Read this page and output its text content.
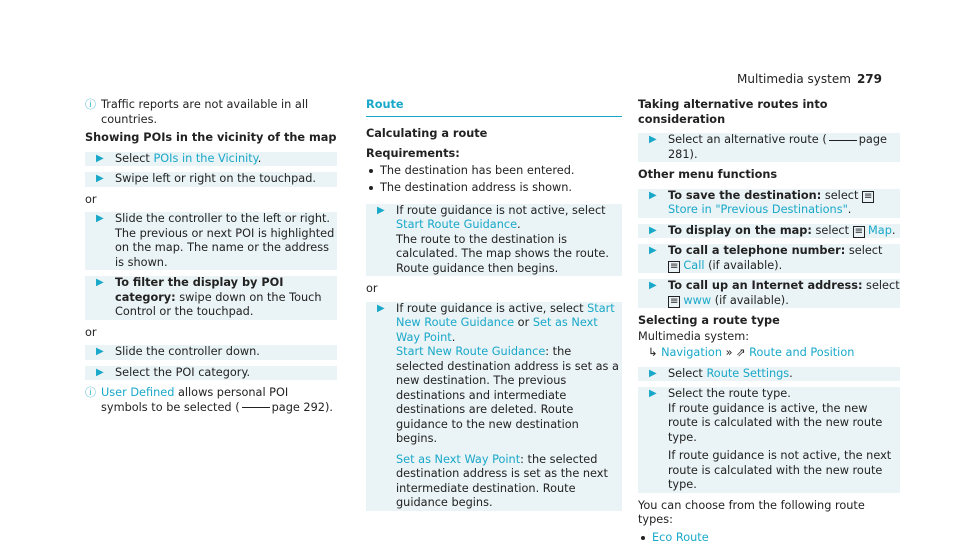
Multimedia system 279
ⓘ Traffic reports are not available in all countries.
Showing POIs in the vicinity of the map
▶ Select POIs in the Vicinity.
▶ Swipe left or right on the touchpad.
or
▶ Slide the controller to the left or right. The previous or next POI is highlighted on the map. The name or the address is shown.
▶ To filter the display by POI category: swipe down on the Touch Control or the touchpad.
or
▶ Slide the controller down.
▶ Select the POI category.
ⓘ User Defined allows personal POI symbols to be selected (	page 292).
Route
Calculating a route
Requirements:
The destination has been entered.
The destination address is shown.
▶ If route guidance is not active, select Start Route Guidance.
The route to the destination is calculated. The map shows the route. Route guidance then begins.
or
▶ If route guidance is active, select Start New Route Guidance or Set as Next Way Point.
Start New Route Guidance: the selected destination address is set as a new destination. The previous destinations and intermediate destinations are deleted. Route guidance to the new destination begins.
Set as Next Way Point: the selected destination address is set as the next intermediate destination. Route guidance begins.
Taking alternative routes into consideration
▶ Select an alternative route (	page 281).
Other menu functions
▶ To save the destination: select ≡Store in "Previous Destinations".
▶ To display on the map: select ≡ Map.
▶ To call a telephone number: select
≡ Call (if available).
▶ To call up an Internet address: select
≡ www (if available).
Selecting a route type
Multimedia system:
↳ Navigation » ⇗ Route and Position
▶ Select Route Settings.
▶ Select the route type.
If route guidance is active, the new route is calculated with the new route type.
If route guidance is not active, the next route is calculated with the new route type.
You can choose from the following route types:
Eco Route
